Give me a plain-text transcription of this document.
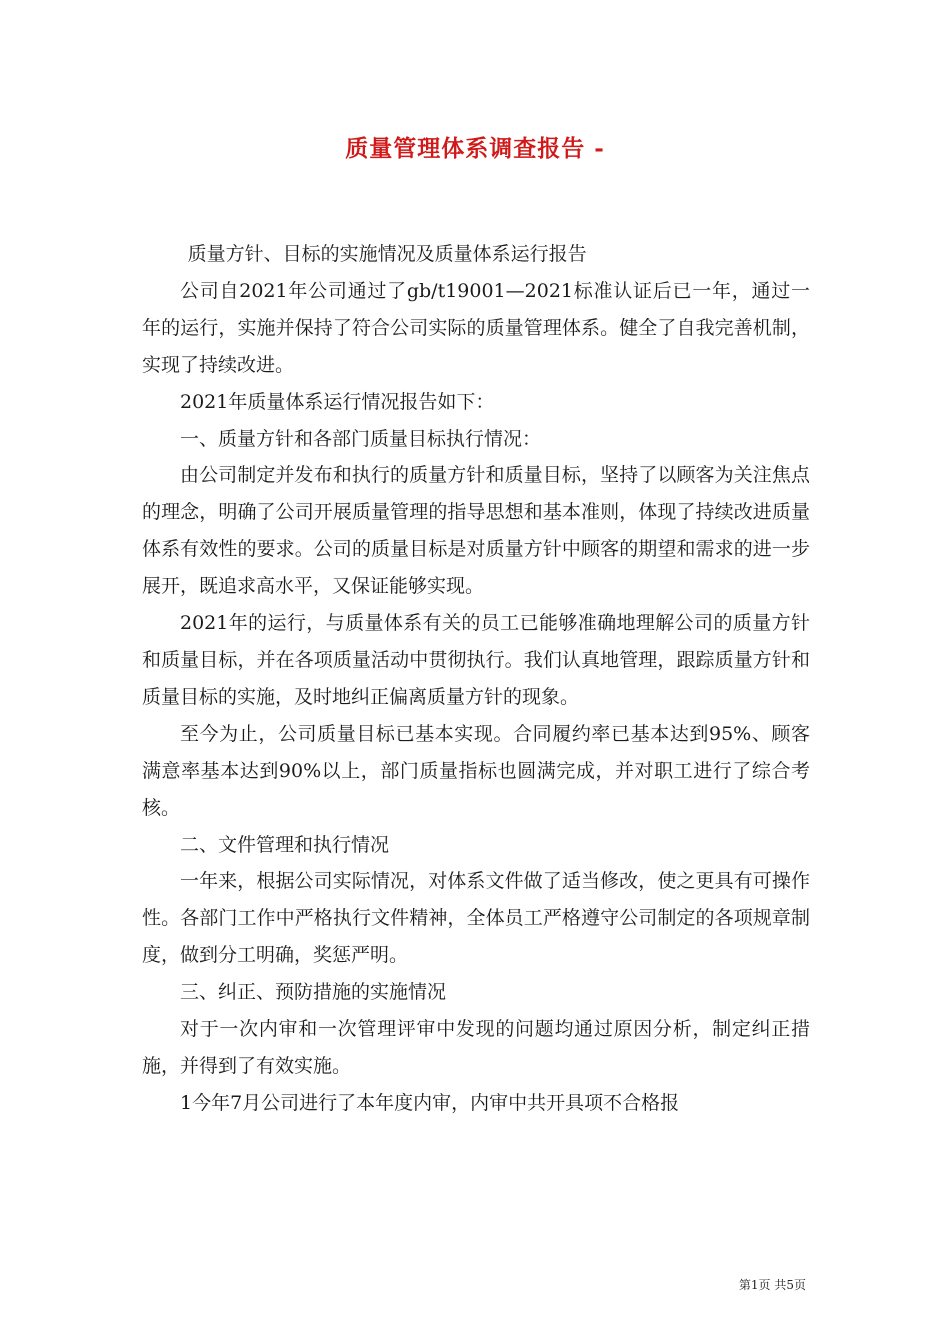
质量管理体系调查报告 -

质量方针、目标的实施情况及质量体系运行报告

公司自2021年公司通过了gb/t19001—2021标准认证后已一年，通过一年的运行，实施并保持了符合公司实际的质量管理体系。健全了自我完善机制，实现了持续改进。

2021年质量体系运行情况报告如下：

一、质量方针和各部门质量目标执行情况：

由公司制定并发布和执行的质量方针和质量目标，坚持了以顾客为关注焦点的理念，明确了公司开展质量管理的指导思想和基本准则，体现了持续改进质量体系有效性的要求。公司的质量目标是对质量方针中顾客的期望和需求的进一步展开，既追求高水平，又保证能够实现。

2021年的运行，与质量体系有关的员工已能够准确地理解公司的质量方针和质量目标，并在各项质量活动中贯彻执行。我们认真地管理，跟踪质量方针和质量目标的实施，及时地纠正偏离质量方针的现象。

至今为止，公司质量目标已基本实现。合同履约率已基本达到95%、顾客满意率基本达到90%以上，部门质量指标也圆满完成，并对职工进行了综合考核。

二、文件管理和执行情况

一年来，根据公司实际情况，对体系文件做了适当修改，使之更具有可操作性。各部门工作中严格执行文件精神，全体员工严格遵守公司制定的各项规章制度，做到分工明确，奖惩严明。

三、纠正、预防措施的实施情况

对于一次内审和一次管理评审中发现的问题均通过原因分析，制定纠正措施，并得到了有效实施。

1今年7月公司进行了本年度内审，内审中共开具项不合格报

第1页 共5页
